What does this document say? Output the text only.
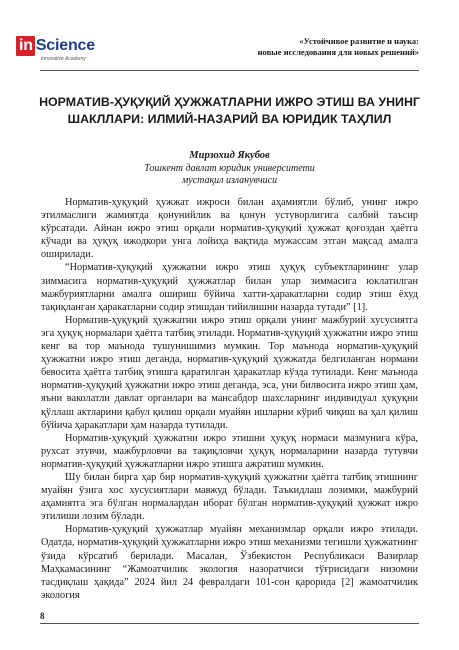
in Science
Innovative Academy
«Устойчивое развитие и наука:
новые исследования для новых решений»
НОРМАТИВ-ҲУҚУҚИЙ ҲУЖЖАТЛАРНИ ИЖРО ЭТИШ ВА УНИНГ ШАКЛЛАРИ: ИЛМИЙ-НАЗАРИЙ ВА ЮРИДИК ТАҲЛИЛ
Мирзохид Якубов
Тошкент давлат юридик университети
мустақил изланувчиси

Норматив-ҳуқуқий ҳужжат ижроси билан аҳамиятли бўлиб, унинг ижро этилмаслиги жамиятда қонунийлик ва қонун устуворлигига салбий таъсир кўрсатади. Айнан ижро этиш орқали норматив-ҳуқуқий ҳужжат қоғоздан ҳаётга кўчади ва ҳуқуқ ижодкори унга лойиҳа вақтида мужассам этган мақсад амалга оширилади.

“Норматив-ҳуқуқий ҳужжатни ижро этиш ҳуқуқ субъектларининг улар зиммасига норматив-ҳуқуқий ҳужжатлар билан улар зиммасига юклатилган мажбуриятларни амалга ошириш бўйича хатти-ҳаракатларни содир этиш ёхуд тақиқланган ҳаракатларни содир этишдан тийилишни назарда тутади” [1].

Норматив-ҳуқуқий ҳужжатни ижро этиш орқали унинг мажбурий хусусиятга эга ҳуқуқ нормалари ҳаётга татбиқ этилади. Норматив-ҳуқуқий ҳужжатни ижро этиш кенг ва тор маънода тушунишимиз мумкин. Тор маънода норматив-ҳуқуқий ҳужжатни ижро этиш деганда, норматив-ҳуқуқий ҳужжатда белгиланган нормани бевосита ҳаётга татбиқ этишга қаратилган ҳаракатлар кўзда тутилади. Кенг маънода норматив-ҳуқуқий ҳужжатни ижро этиш деганда, эса, уни билвосита ижро этиш ҳам, яъни ваколатли давлат органлари ва мансабдор шахсларнинг индивидуал ҳуқуқни қўллаш актларини қабул қилиш орқали муайян ишларни кўриб чиқиш ва ҳал қилиш бўйича ҳаракатлари ҳам назарда тутилади.

Норматив-ҳуқуқий ҳужжатни ижро этишни ҳуқуқ нормаси мазмунига кўра, рухсат этувчи, мажбурловчи ва тақиқловчи ҳуқуқ нормаларини назарда тутувчи норматив-ҳуқуқий ҳужжатларни ижро этишга ажратиш мумкин.

Шу билан бирга ҳар бир норматив-ҳуқуқий ҳужжатни ҳаётга татбиқ этишнинг муайян ўзига хос хусусиятлари мавжуд бўлади. Таъкидлаш лозимки, мажбурий аҳамиятга эга бўлган нормалардан иборат бўлган норматив-ҳуқуқий ҳужжат ижро этилиши лозим бўлади.

Норматив-ҳуқуқий ҳужжатлар муайян механизмлар орқали ижро этилади. Одатда, норматив-ҳуқуқий ҳужжатларни ижро этиш механизми тегишли ҳужжатнинг ўзида кўрсатиб берилади. Масалан, Ўзбекистон Республикаси Вазирлар Маҳкамасининг “Жамоатчилик экология назоратчиси тўғрисидаги низомни тасдиқлаш ҳақида” 2024 йил 24 февралдаги 101-сон қарорида [2] жамоатчилик экология

8
